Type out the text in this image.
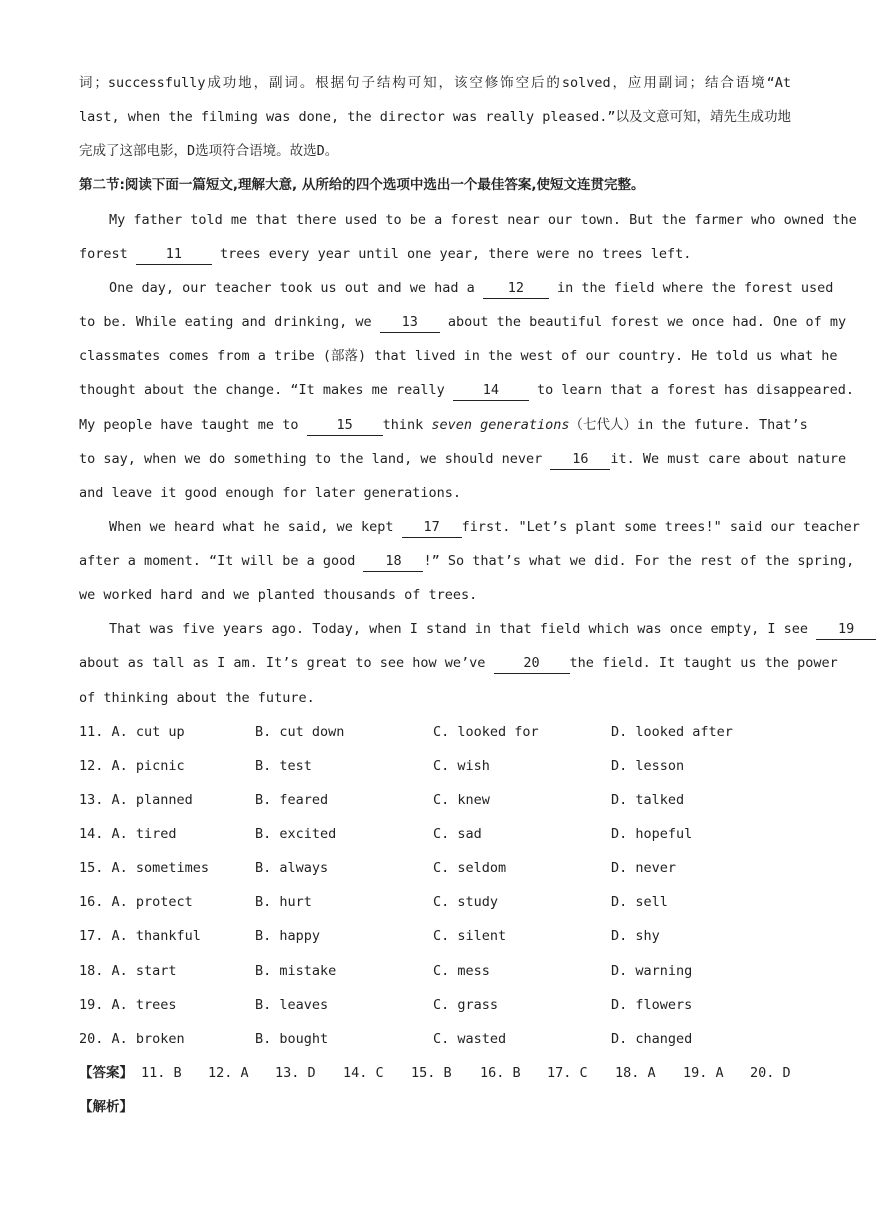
词；successfully成功地，副词。根据句子结构可知，该空修饰空后的solved，应用副词；结合语境“At
last, when the filming was done, the director was really pleased.”以及文意可知，靖先生成功地
完成了这部电影，D选项符合语境。故选D。
第二节:阅读下面一篇短文,理解大意, 从所给的四个选项中选出一个最佳答案,使短文连贯完整。
My father told me that there used to be a forest near our town. But the farmer who owned the
forest 11 trees every year until one year, there were no trees left.
One day, our teacher took us out and we had a 12 in the field where the forest used
to be. While eating and drinking, we 13 about the beautiful forest we once had. One of my
classmates comes from a tribe (部落) that lived in the west of our country. He told us what he
thought about the change. “It makes me really 14 to learn that a forest has disappeared.
My people have taught me to 15 think seven generations（七代人）in the future. That’s
to say, when we do something to the land, we should never 16 it. We must care about nature
and leave it good enough for later generations.
When we heard what he said, we kept 17 first. "Let’s plant some trees!" said our teacher
after a moment. “It will be a good 18 !” So that’s what we did. For the rest of the spring,
we worked hard and we planted thousands of trees.
That was five years ago. Today, when I stand in that field which was once empty, I see 19
about as tall as I am. It’s great to see how we’ve 20 the field. It taught us the power
of thinking about the future.
11. A. cut up	B. cut down	C. looked for	D. looked after
12. A. picnic	B. test	C. wish	D. lesson
13. A. planned	B. feared	C. knew	D. talked
14. A. tired	B. excited	C. sad	D. hopeful
15. A. sometimes	B. always	C. seldom	D. never
16. A. protect	B. hurt	C. study	D. sell
17. A. thankful	B. happy	C. silent	D. shy
18. A. start	B. mistake	C. mess	D. warning
19. A. trees	B. leaves	C. grass	D. flowers
20. A. broken	B. bought	C. wasted	D. changed
【答案】 11. B 12. A 13. D 14. C 15. B 16. B 17. C 18. A 19. A 20. D
【解析】
